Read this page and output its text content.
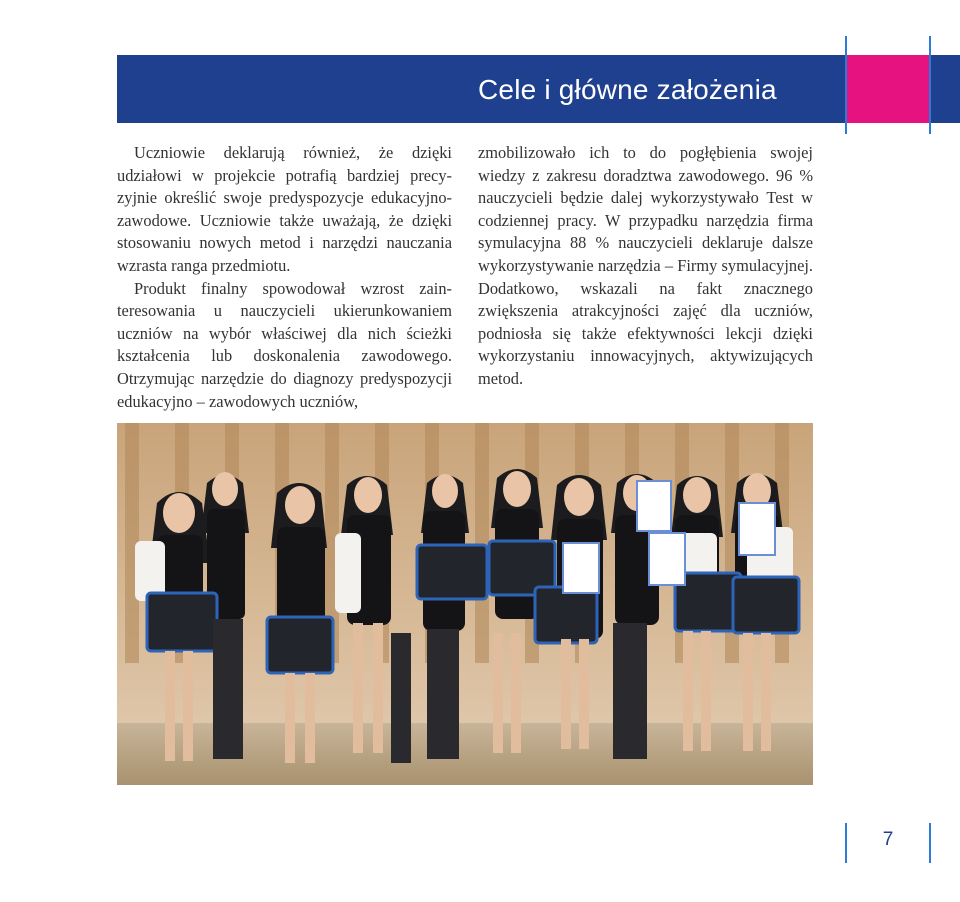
Cele i główne założenia

Uczniowie deklarują również, że dzięki udziałowi w projekcie potrafią bardziej precyzyjnie określić swoje predyspozycje edukacyjno-zawodowe. Uczniowie także uważają, że dzięki stosowaniu nowych metod i narzędzi nauczania wzrasta ranga przedmiotu.

Produkt finalny spowodował wzrost zainteresowania u nauczycieli ukierunkowaniem uczniów na wybór właściwej dla nich ścieżki kształcenia lub doskonalenia zawodowego. Otrzymując narzędzie do diagnozy predyspozycji edukacyjno – zawodowych uczniów,

zmobilizowało ich to do pogłębienia swojej wiedzy z zakresu doradztwa zawodowego. 96 % nauczycieli będzie dalej wykorzystywało Test w codziennej pracy. W przypadku narzędzia firma symulacyjna 88 % nauczycieli deklaruje dalsze wykorzystywanie narzędzia – Firmy symulacyjnej. Dodatkowo, wskazali na fakt znacznego zwiększenia atrakcyjności zajęć dla uczniów, podniosła się także efektywności lekcji dzięki wykorzystaniu innowacyjnych, aktywizujących metod.

7
